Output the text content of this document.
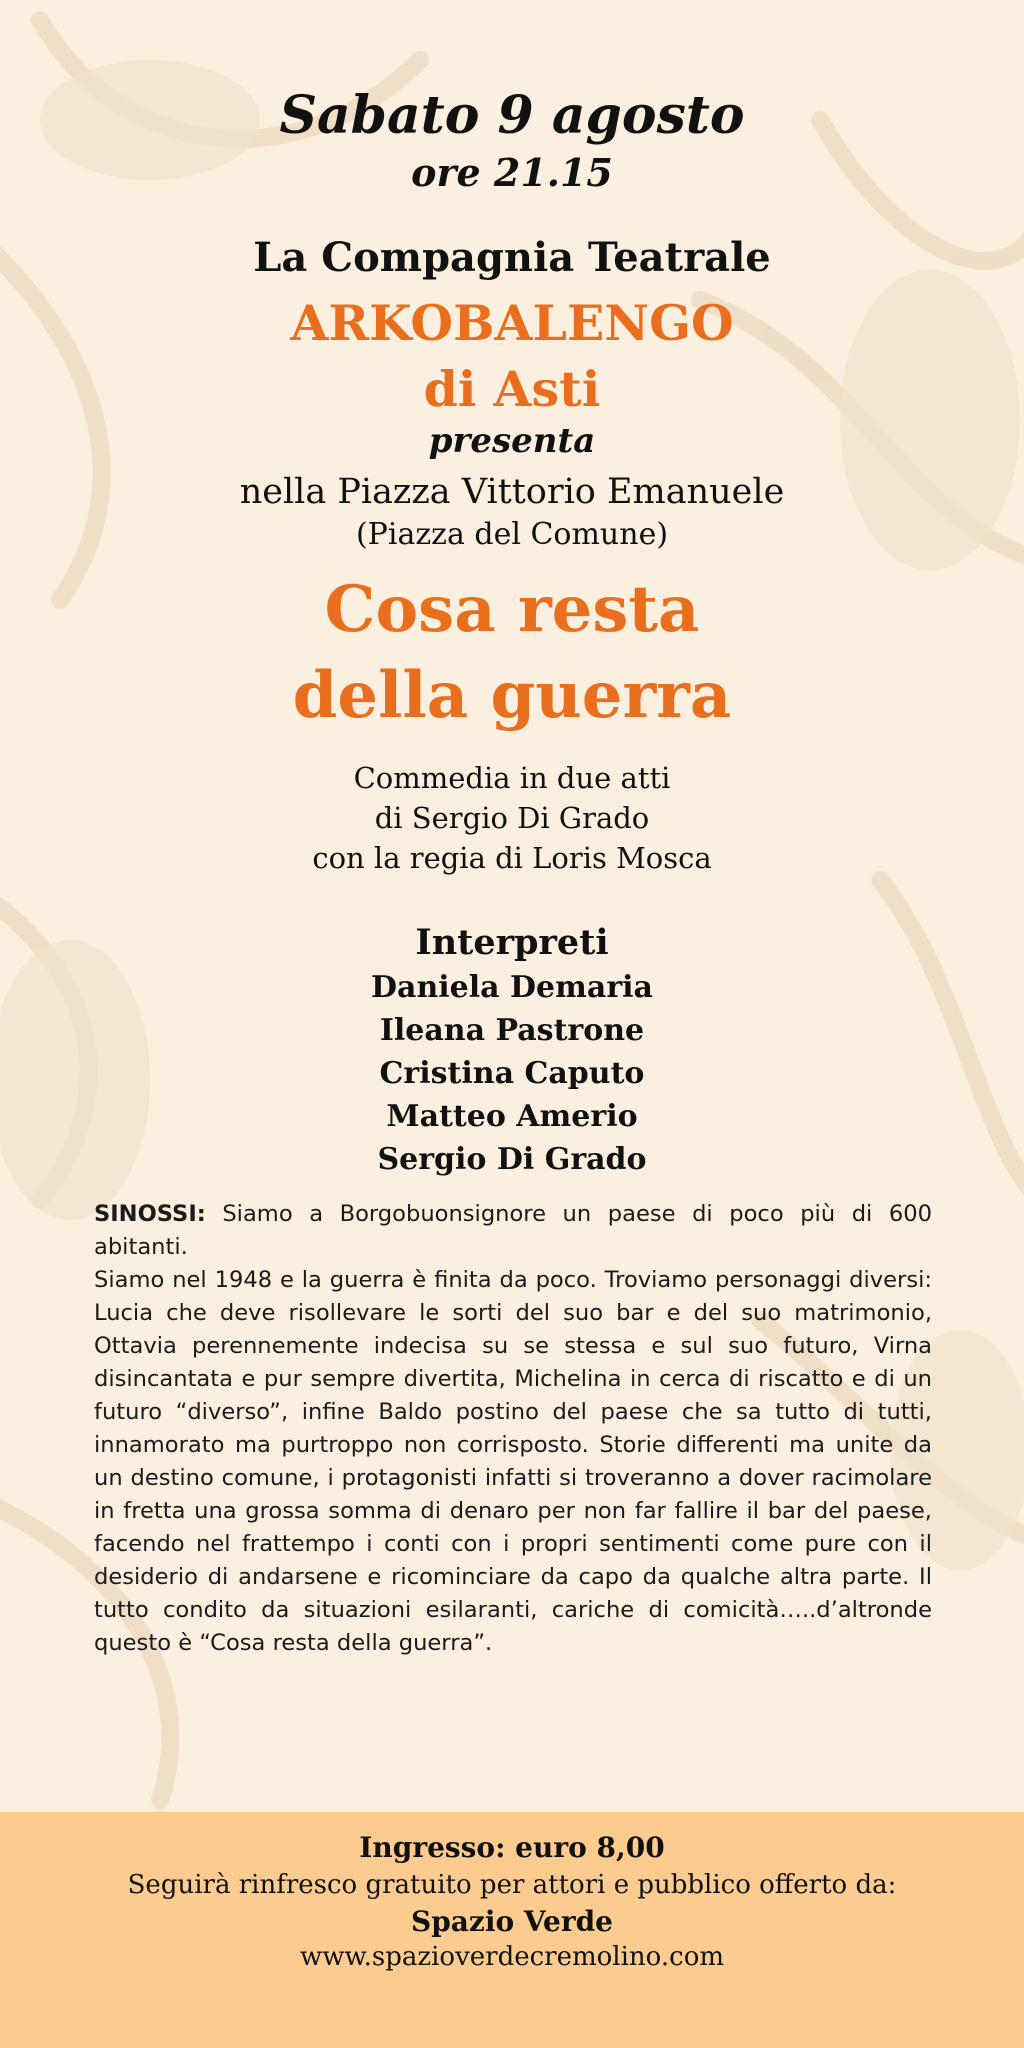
Sabato 9 agosto
ore 21.15
La Compagnia Teatrale
ARKOBALENGO
di Asti
presenta
nella Piazza Vittorio Emanuele
(Piazza del Comune)
Cosa resta
della guerra
Commedia in due atti
di Sergio Di Grado
con la regia di Loris Mosca
Interpreti
Daniela Demaria
Ileana Pastrone
Cristina Caputo
Matteo Amerio
Sergio Di Grado
SINOSSI: Siamo a Borgobuonsignore un paese di poco più di 600 abitanti.
Siamo nel 1948 e la guerra è finita da poco. Troviamo personaggi diversi: Lucia che deve risollevare le sorti del suo bar e del suo matrimonio, Ottavia perennemente indecisa su se stessa e sul suo futuro, Virna disincantata e pur sempre divertita, Michelina in cerca di riscatto e di un futuro “diverso”, infine Baldo postino del paese che sa tutto di tutti, innamorato ma purtroppo non corrisposto. Storie differenti ma unite da un destino comune, i protagonisti infatti si troveranno a dover racimolare in fretta una grossa somma di denaro per non far fallire il bar del paese, facendo nel frattempo i conti con i propri sentimenti come pure con il desiderio di andarsene e ricominciare da capo da qualche altra parte. Il tutto condito da situazioni esilaranti, cariche di comicità…..d’altronde questo è “Cosa resta della guerra”.
Ingresso: euro 8,00
Seguirà rinfresco gratuito per attori e pubblico offerto da:
Spazio Verde
www.spazioverdecremolino.com
